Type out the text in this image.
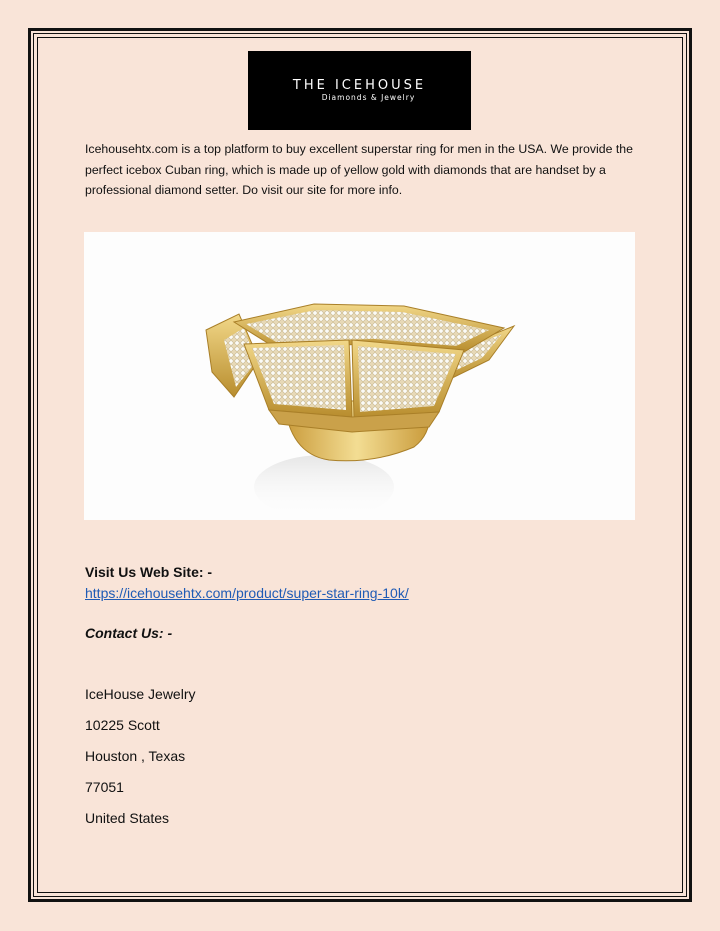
THE ICEHOUSE
Diamonds & Jewelry
Icehousehtx.com is a top platform to buy excellent superstar ring for men in the USA. We provide the perfect icebox Cuban ring, which is made up of yellow gold with diamonds that are handset by a professional diamond setter. Do visit our site for more info.
Visit Us Web Site: -
https://icehousehtx.com/product/super-star-ring-10k/
Contact Us: -
IceHouse Jewelry
10225 Scott
Houston , Texas
77051
United States
